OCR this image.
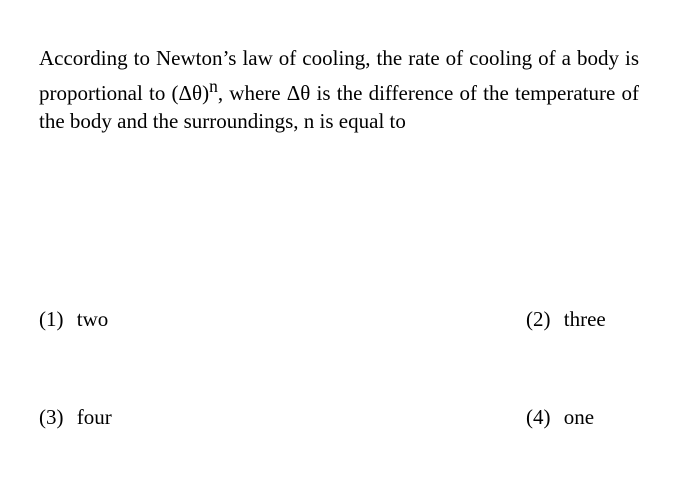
According to Newton’s law of cooling, the rate of cooling of a body is proportional to $(\Delta\theta)^n$, where Δθ is the difference of the temperature of the body and the surroundings, n is equal to
(1) two	(2) three
(3) four	(4) one
